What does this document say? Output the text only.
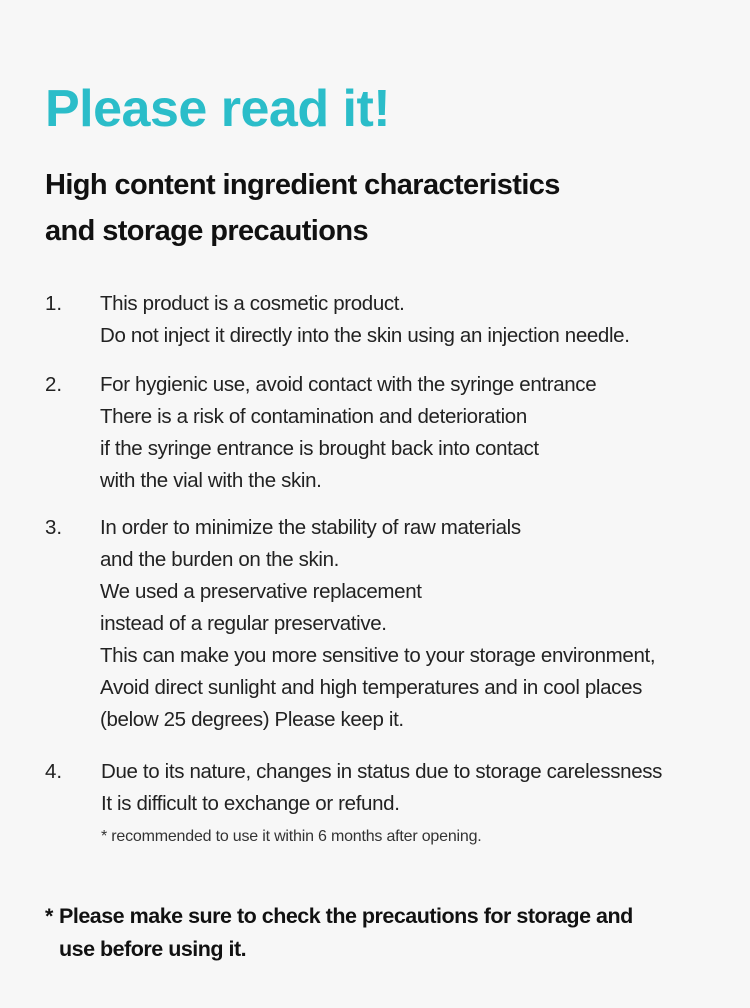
Please read it!
High content ingredient characteristics
and storage precautions
1. This product is a cosmetic product.
Do not inject it directly into the skin using an injection needle.
2. For hygienic use, avoid contact with the syringe entrance
There is a risk of contamination and deterioration
if the syringe entrance is brought back into contact
with the vial with the skin.
3. In order to minimize the stability of raw materials
and the burden on the skin.
We used a preservative replacement
instead of a regular preservative.
This can make you more sensitive to your storage environment,
Avoid direct sunlight and high temperatures and in cool places
(below 25 degrees) Please keep it.
4. Due to its nature, changes in status due to storage carelessness
It is difficult to exchange or refund.
* recommended to use it within 6 months after opening.
* Please make sure to check the precautions for storage and
use before using it.
